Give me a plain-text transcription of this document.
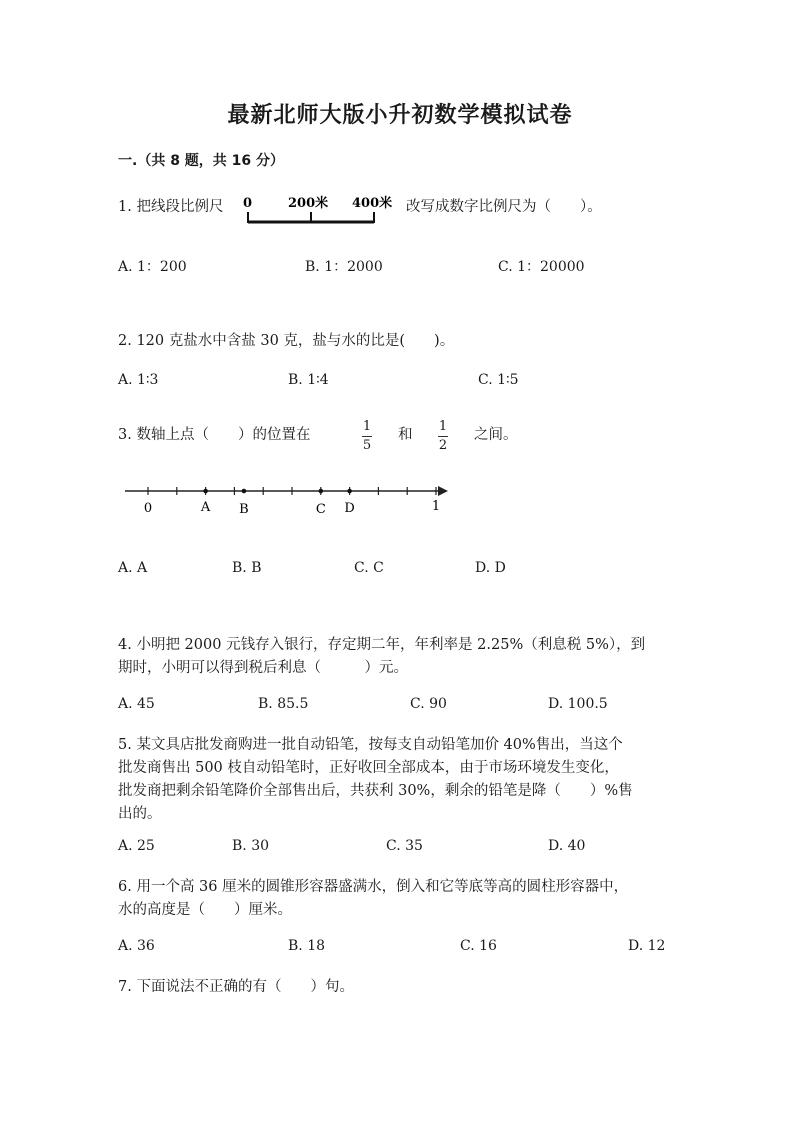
最新北师大版小升初数学模拟试卷
一.（共 8 题，共 16 分）
1. 把线段比例尺	0	200米 400米 改写成数字比例尺为（　　）。
A. 1：200	B. 1：2000	C. 1：20000
2. 120 克盐水中含盐 30 克，盐与水的比是(　　)。
A. 1∶3	B. 1∶4	C. 1∶5
3. 数轴上点（　　）的位置在
1
5
和
1
2
之间。
0	A B	C D	1
A. A	B. B	C. C	D. D
4. 小明把 2000 元钱存入银行，存定期二年，年利率是 2.25%（利息税 5%），到
期时，小明可以得到税后利息（　　　）元。
A. 45	B. 85.5	C. 90	D. 100.5
5. 某文具店批发商购进一批自动铅笔，按每支自动铅笔加价 40%售出，当这个
批发商售出 500 枝自动铅笔时，正好收回全部成本，由于市场环境发生变化，
批发商把剩余铅笔降价全部售出后，共获利 30%，剩余的铅笔是降（　　）%售
出的。
A. 25	B. 30	C. 35	D. 40
6. 用一个高 36 厘米的圆锥形容器盛满水，倒入和它等底等高的圆柱形容器中，
水的高度是（　　）厘米。
A. 36	B. 18	C. 16	D. 12
7. 下面说法不正确的有（　　）句。
